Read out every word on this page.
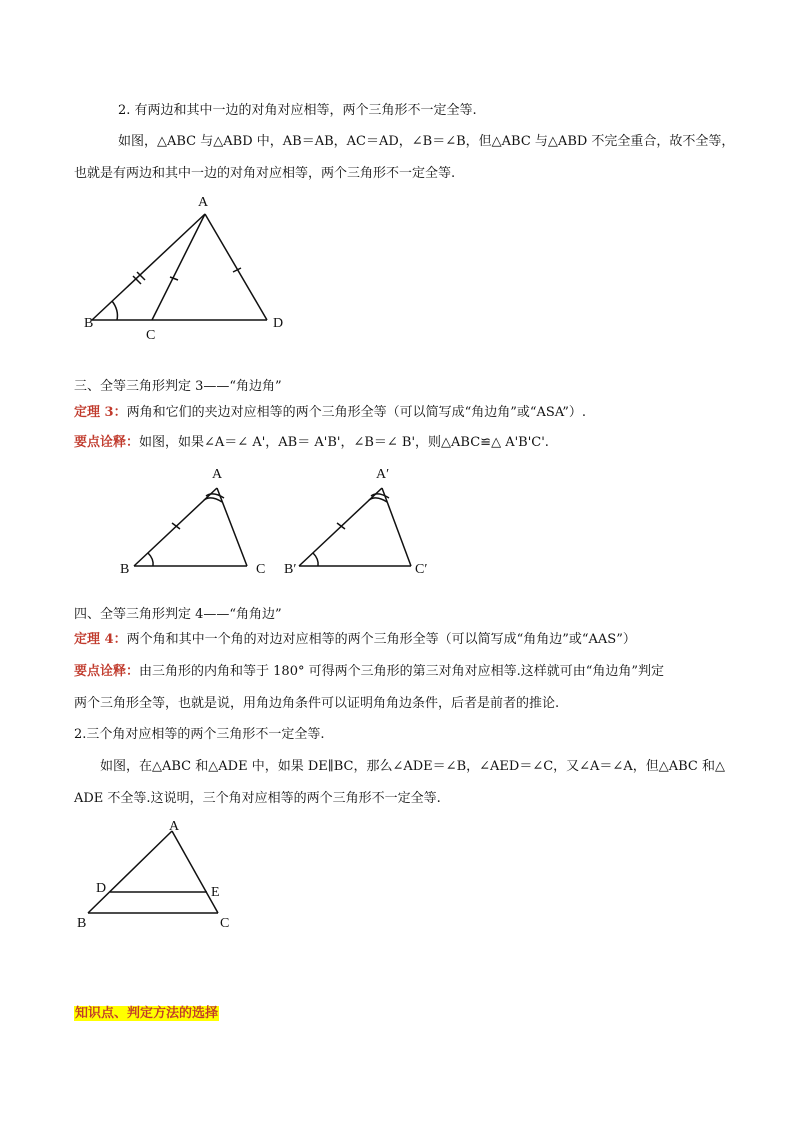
2. 有两边和其中一边的对角对应相等，两个三角形不一定全等.
如图，△ABC 与△ABD 中，AB＝AB，AC＝AD，∠B＝∠B，但△ABC 与△ABD 不完全重合，故不全等，
也就是有两边和其中一边的对角对应相等，两个三角形不一定全等.
A
B
C
D
三、全等三角形判定 3——“角边角”
定理 3：两角和它们的夹边对应相等的两个三角形全等（可以简写成“角边角”或“ASA”）.
要点诠释：如图，如果∠A＝∠ A'，AB＝ A'B'，∠B＝∠ B'，则△ABC≌△ A'B'C'.
A
B	C
A′
B′	C′
四、全等三角形判定 4——“角角边”
定理 4：两个角和其中一个角的对边对应相等的两个三角形全等（可以简写成“角角边”或“AAS”）
要点诠释：由三角形的内角和等于 180° 可得两个三角形的第三对角对应相等.这样就可由“角边角”判定
两个三角形全等，也就是说，用角边角条件可以证明角角边条件，后者是前者的推论.
2.三个角对应相等的两个三角形不一定全等.
如图，在△ABC 和△ADE 中，如果 DE∥BC，那么∠ADE＝∠B，∠AED＝∠C，又∠A＝∠A，但△ABC 和△
ADE 不全等.这说明，三个角对应相等的两个三角形不一定全等.
A
D	E
B	C
知识点、判定方法的选择
